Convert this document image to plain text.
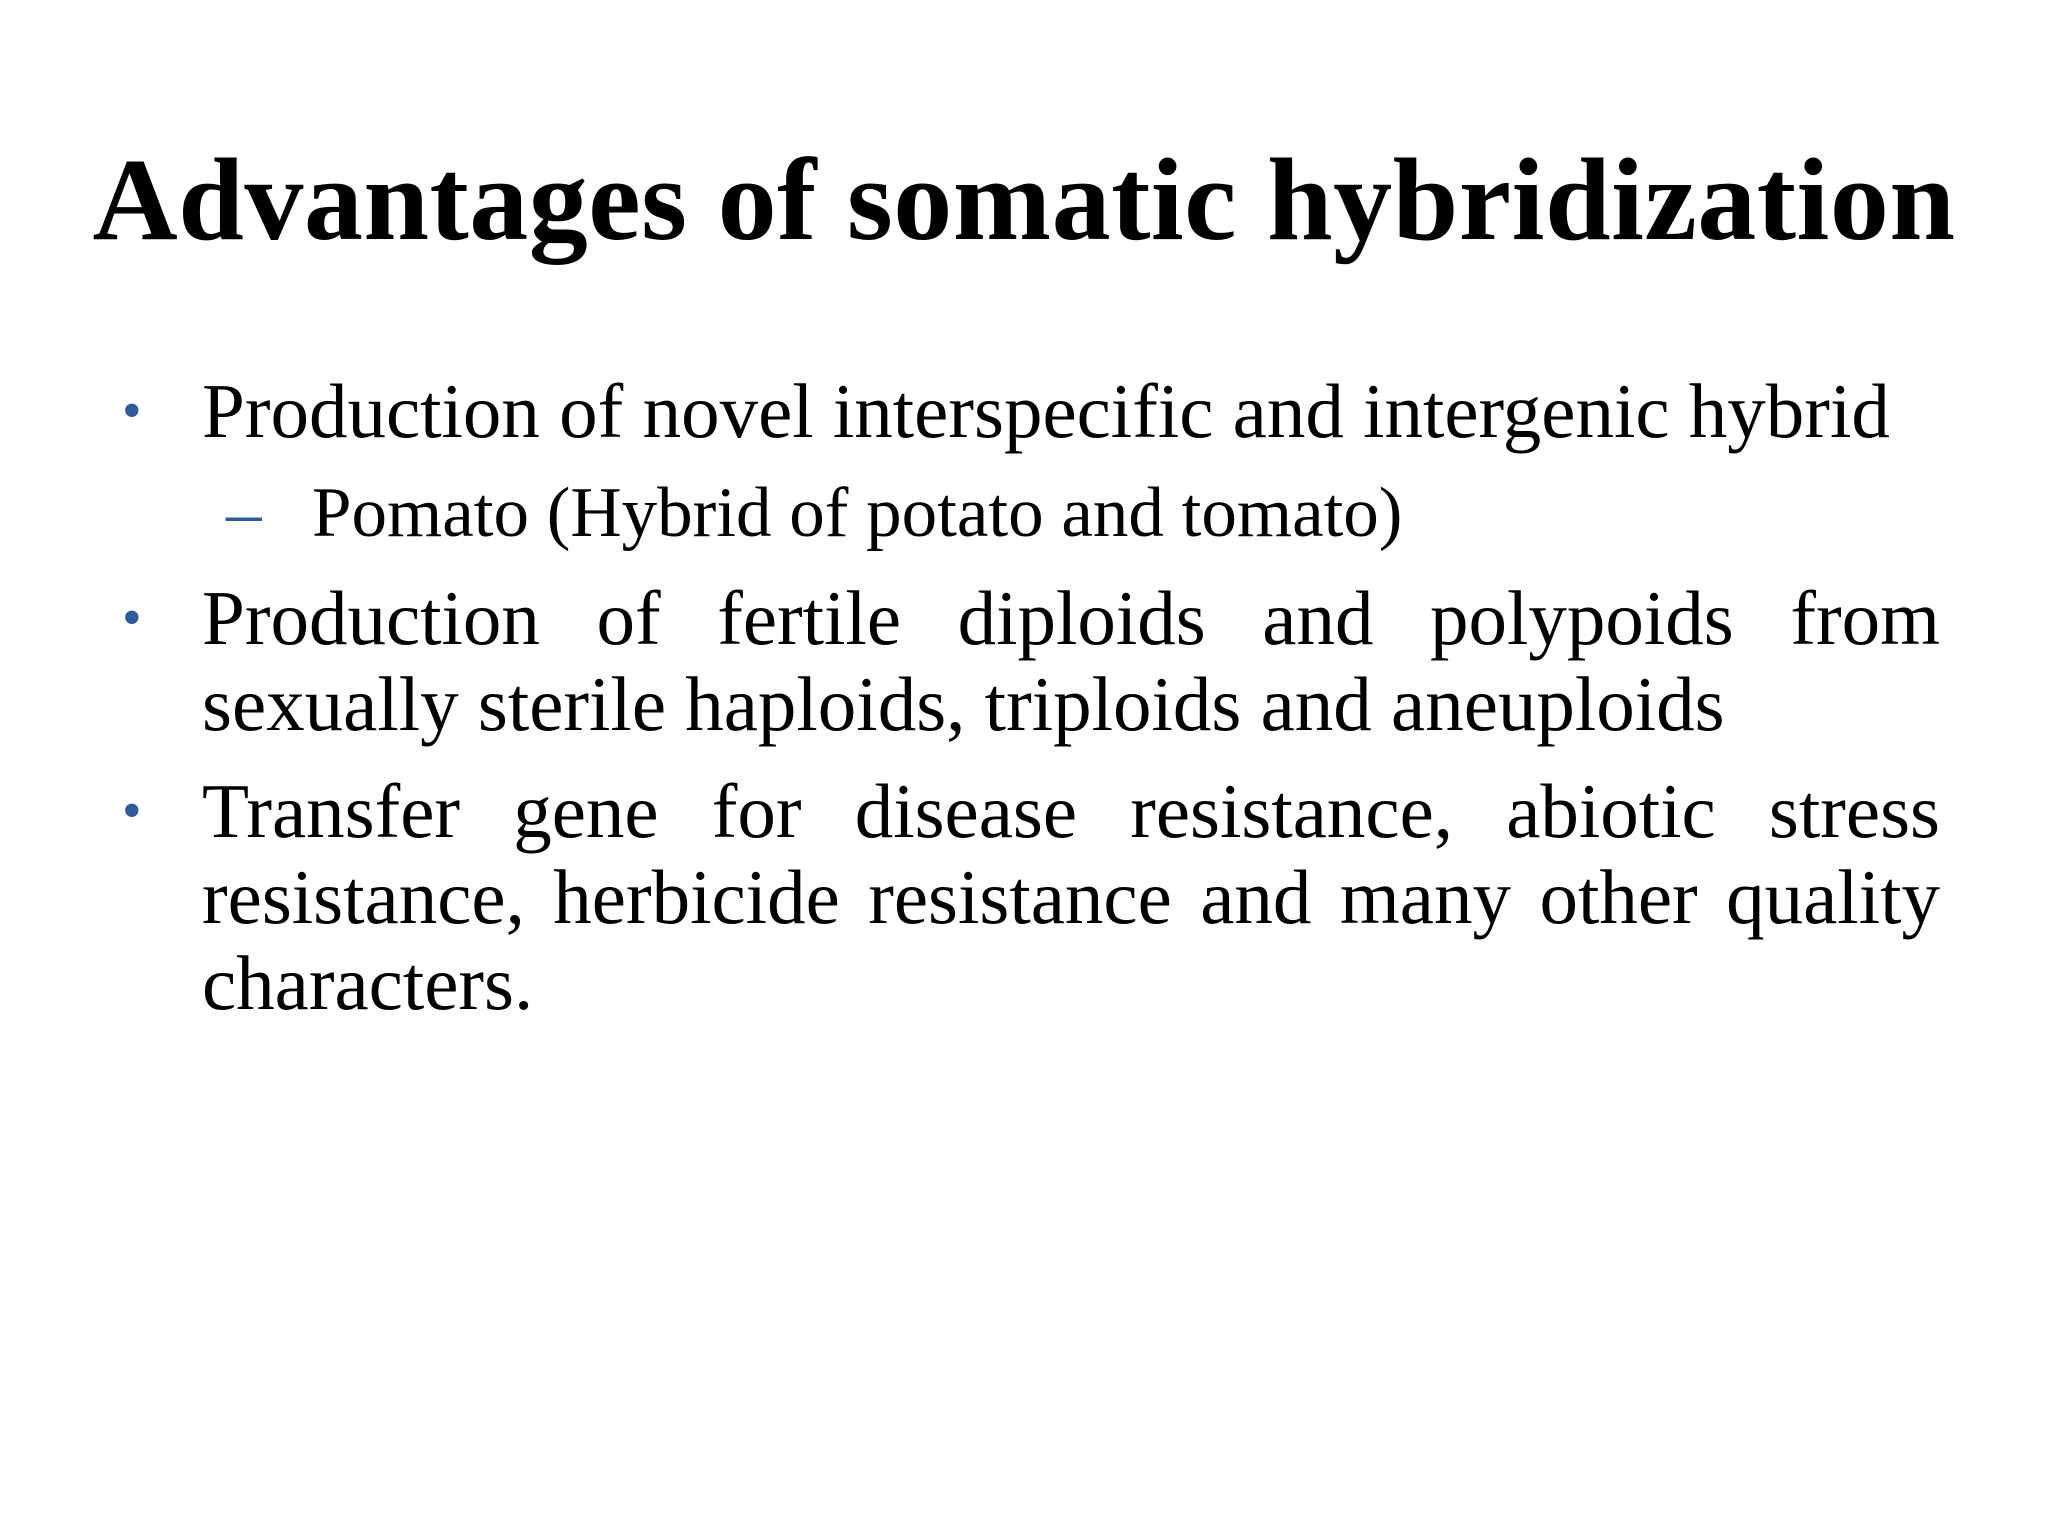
Advantages of somatic hybridization
• Production of novel interspecific and intergenic hybrid
– Pomato (Hybrid of potato and tomato)
• Production of fertile diploids and polypoids from sexually sterile haploids, triploids and aneuploids
• Transfer gene for disease resistance, abiotic stress resistance, herbicide resistance and many other quality characters.
